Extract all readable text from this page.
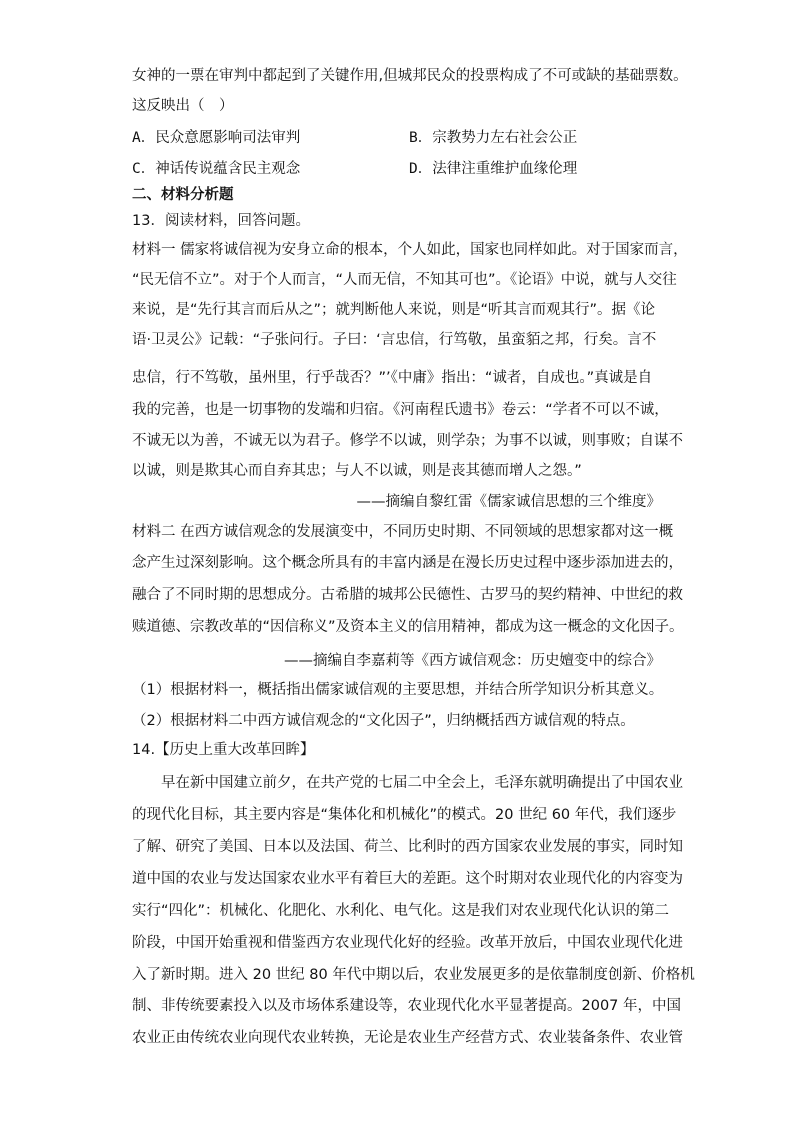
女神的一票在审判中都起到了关键作用,但城邦民众的投票构成了不可或缺的基础票数。
这反映出（　）
A．民众意愿影响司法审判	B．宗教势力左右社会公正
C．神话传说蕴含民主观念	D．法律注重维护血缘伦理
二、材料分析题
13．阅读材料，回答问题。
材料一 儒家将诚信视为安身立命的根本，个人如此，国家也同样如此。对于国家而言，
“民无信不立”。对于个人而言，“人而无信，不知其可也”。《论语》中说，就与人交往
来说，是“先行其言而后从之”；就判断他人来说，则是“听其言而观其行”。据《论
语·卫灵公》记载：“子张问行。子曰：‘言忠信，行笃敬，虽蛮貊之邦，行矣。言不
忠信，行不笃敬，虽州里，行乎哉否？”’《中庸》指出：“诚者，自成也。”真诚是自
我的完善，也是一切事物的发端和归宿。《河南程氏遗书》卷云：“学者不可以不诚，
不诚无以为善，不诚无以为君子。修学不以诚，则学杂；为事不以诚，则事败；自谋不
以诚，则是欺其心而自弃其忠；与人不以诚，则是丧其德而增人之怨。”
——摘编自黎红雷《儒家诚信思想的三个维度》
材料二 在西方诚信观念的发展演变中，不同历史时期、不同领域的思想家都对这一概
念产生过深刻影响。这个概念所具有的丰富内涵是在漫长历史过程中逐步添加进去的，
融合了不同时期的思想成分。古希腊的城邦公民德性、古罗马的契约精神、中世纪的救
赎道德、宗教改革的“因信称义”及资本主义的信用精神，都成为这一概念的文化因子。
——摘编自李嘉莉等《西方诚信观念：历史嬗变中的综合》
（1）根据材料一，概括指出儒家诚信观的主要思想，并结合所学知识分析其意义。
（2）根据材料二中西方诚信观念的“文化因子”，归纳概括西方诚信观的特点。
14.【历史上重大改革回眸】
　　早在新中国建立前夕，在共产党的七届二中全会上，毛泽东就明确提出了中国农业
的现代化目标，其主要内容是“集体化和机械化”的模式。20 世纪 60 年代，我们逐步
了解、研究了美国、日本以及法国、荷兰、比利时的西方国家农业发展的事实，同时知
道中国的农业与发达国家农业水平有着巨大的差距。这个时期对农业现代化的内容变为
实行“四化”：机械化、化肥化、水利化、电气化。这是我们对农业现代化认识的第二
阶段，中国开始重视和借鉴西方农业现代化好的经验。改革开放后，中国农业现代化进
入了新时期。进入 20 世纪 80 年代中期以后，农业发展更多的是依靠制度创新、价格机
制、非传统要素投入以及市场体系建设等，农业现代化水平显著提高。2007 年，中国
农业正由传统农业向现代农业转换，无论是农业生产经营方式、农业装备条件、农业管
